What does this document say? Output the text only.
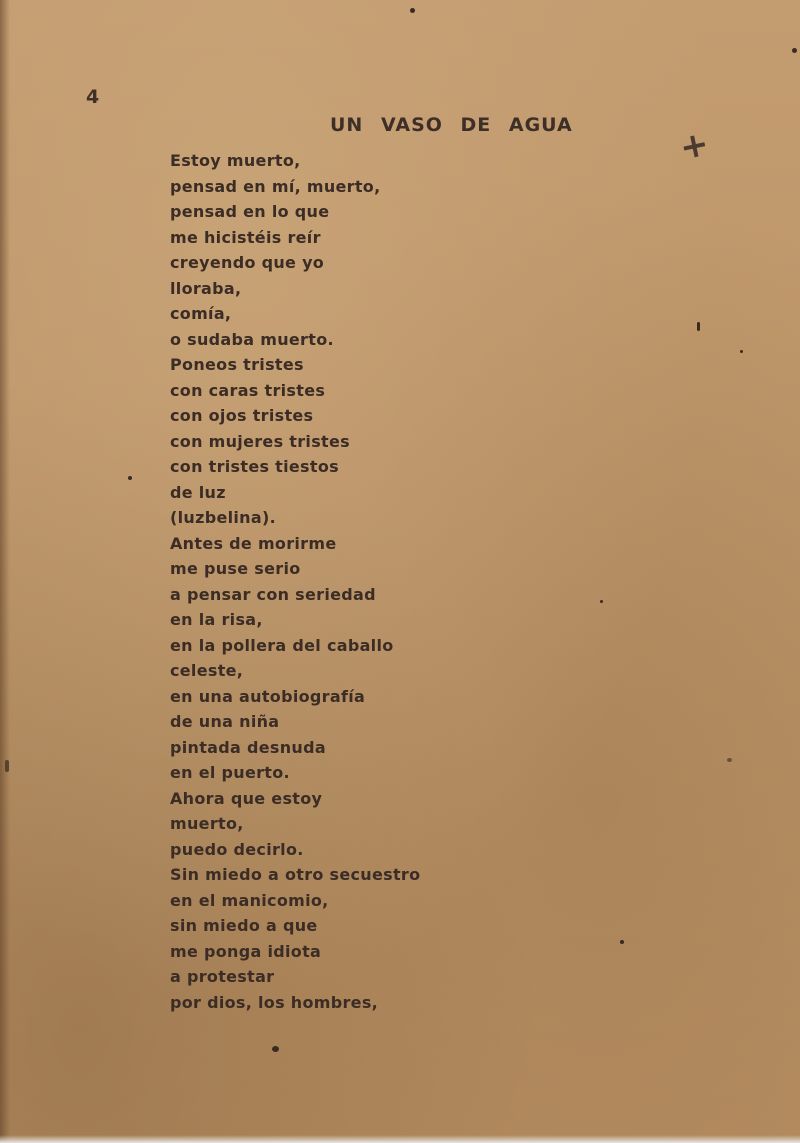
4
UN VASO DE AGUA	+
Estoy muerto,
pensad en mí, muerto,
pensad en lo que
me hicistéis reír
creyendo que yo
lloraba,
comía,
o sudaba muerto.
Poneos tristes
con caras tristes
con ojos tristes
con mujeres tristes
con tristes tiestos
de luz
(luzbelina).
Antes de morirme
me puse serio
a pensar con seriedad
en la risa,
en la pollera del caballo
celeste,
en una autobiografía
de una niña
pintada desnuda
en el puerto.
Ahora que estoy
muerto,
puedo decirlo.
Sin miedo a otro secuestro
en el manicomio,
sin miedo a que
me ponga idiota
a protestar
por dios, los hombres,
